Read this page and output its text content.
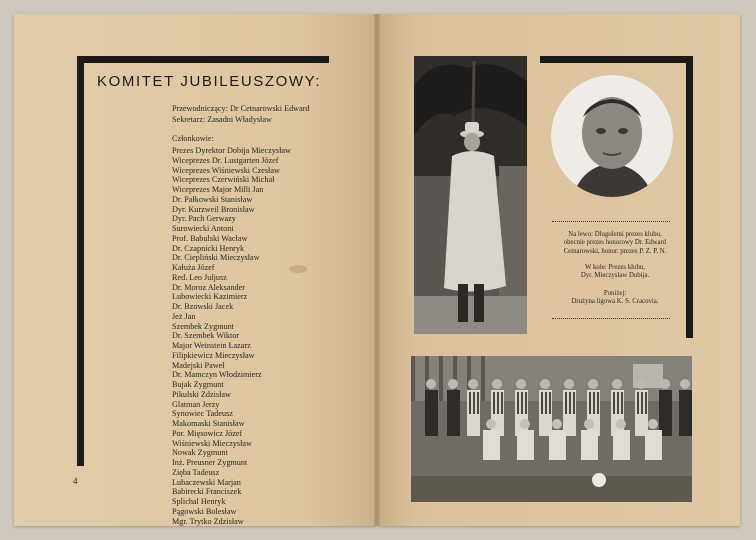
KOMITET JUBILEUSZOWY:
Przewodniczący: Dr Cetnarowski Edward
Sekretarz: Zasadni Władysław
Członkowie:
Prezes Dyrektor Dobija Mieczysław
Wiceprezes Dr. Lustgarten Józef
Wiceprezes Wiśniewski Czesław
Wiceprezes Czerwiński Michał
Wiceprezes Major Milli Jan
Dr. Pałkowski Stanisław
Dyr. Kurzweil Bronisław
Dyr. Pach Gerwazy
Surowiecki Antoni
Prof. Babulski Wacław
Dr. Czapnicki Henryk
Dr. Ciepliński Mieczysław
Kałuża Józef
Red. Leo Juljusz
Dr. Moroz Aleksander
Lubowiecki Kazimierz
Dr. Bzowski Jacek
Jeż Jan
Szembek Zygmunt
Dr. Szembek Wiktor
Major Weinstein Łazarz
Filipkiewicz Mieczysław
Madejski Paweł
Dr. Mamczyn Włodzimierz
Bujak Zygmunt
Pikulski Zdzisław
Glatman Jerzy
Synowiec Tadeusz
Makomaski Stanisław
Por. Mięsowicz Józef
Wiśniewski Mieczysław
Nowak Zygmunt
Inż. Preusner Zygmunt
Zięba Tadeusz
Lubaczewski Marjan
Babirecki Franciszek
Splichal Henryk
Pągowski Bolesław
Mgr. Trytko Zdzisław
4
Na lewo: Długoletni prezes klubu,
obecnie prezes honorowy Dr. Edward
Cetnarowski, honor. prezes P. Z. P. N.
W kole: Prezes klubu,
Dyr. Mieczysław Dobija.
Poniżej:
Drużyna ligowa K. S. Cracovia.
